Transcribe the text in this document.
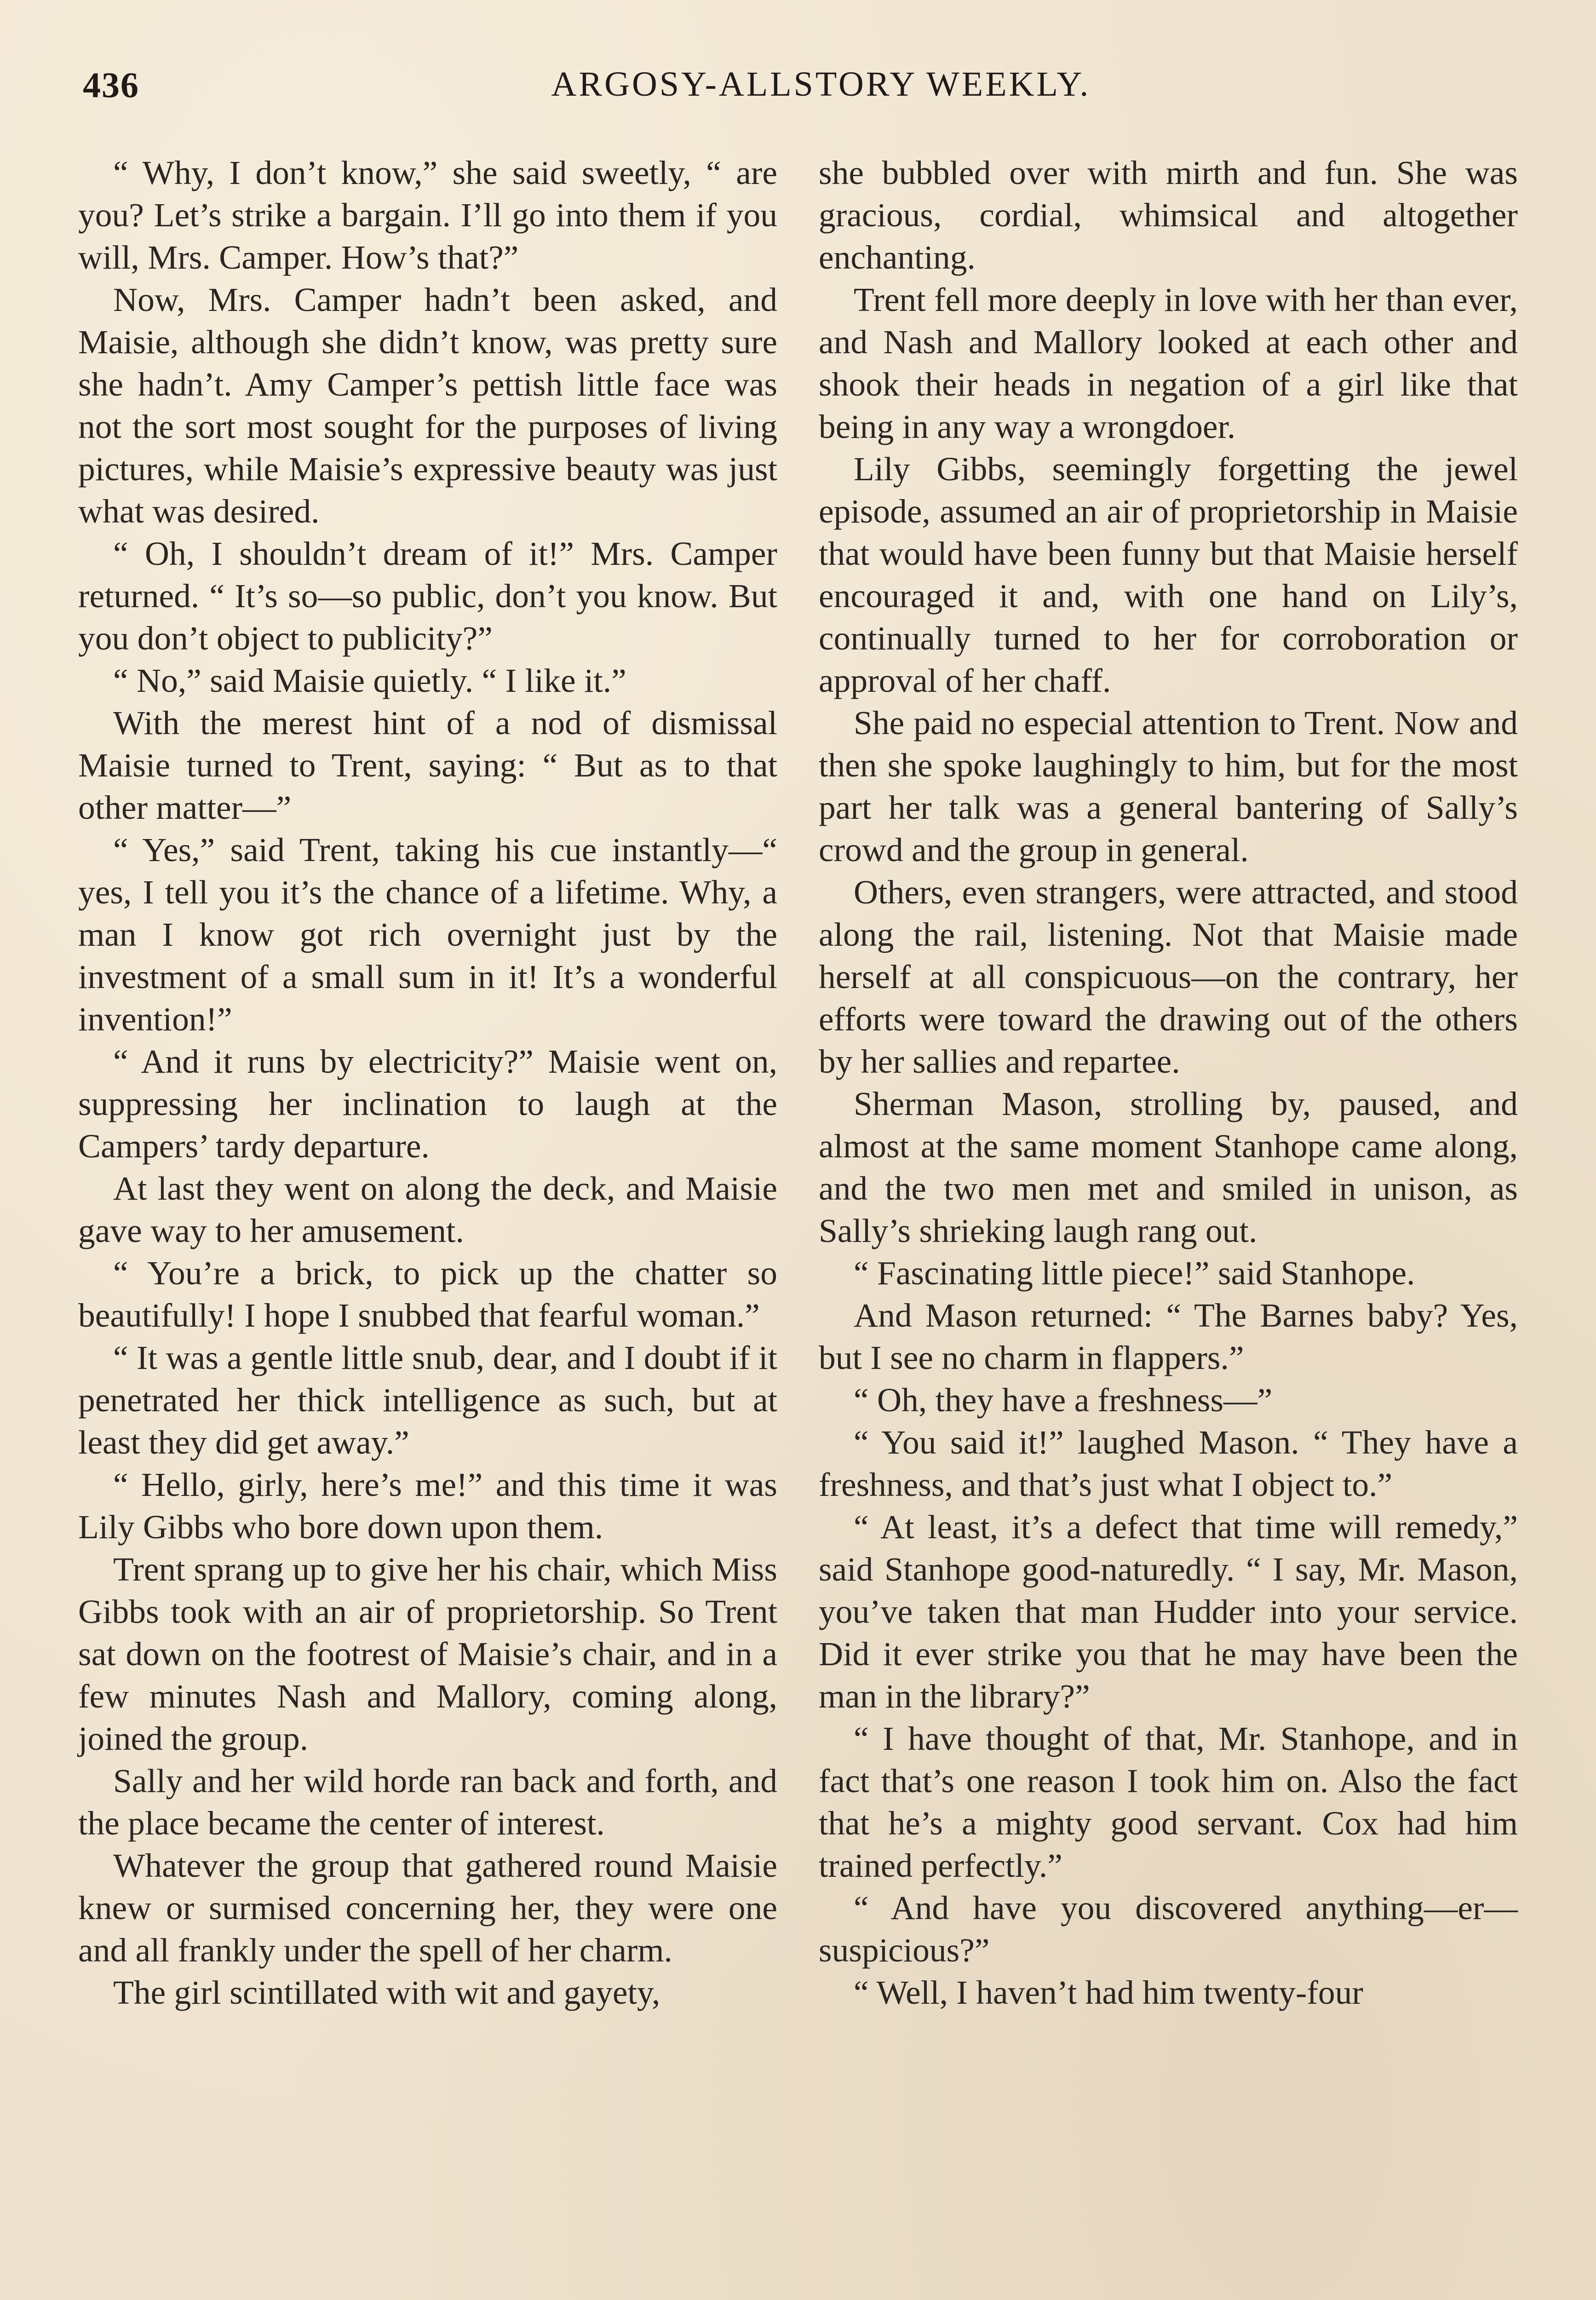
436	ARGOSY-ALLSTORY WEEKLY.

“ Why, I don’t know,” she said sweetly, “ are you? Let’s strike a bargain. I’ll go into them if you will, Mrs. Camper. How’s that?”

Now, Mrs. Camper hadn’t been asked, and Maisie, although she didn’t know, was pretty sure she hadn’t. Amy Camper’s pettish little face was not the sort most sought for the purposes of living pictures, while Maisie’s expressive beauty was just what was desired.

“ Oh, I shouldn’t dream of it!” Mrs. Camper returned. “ It’s so—so public, don’t you know. But you don’t object to publicity?”

“ No,” said Maisie quietly. “ I like it.”

With the merest hint of a nod of dismissal Maisie turned to Trent, saying: “ But as to that other matter—”

“ Yes,” said Trent, taking his cue instantly—“ yes, I tell you it’s the chance of a lifetime. Why, a man I know got rich overnight just by the investment of a small sum in it! It’s a wonderful invention!”

“ And it runs by electricity?” Maisie went on, suppressing her inclination to laugh at the Campers’ tardy departure.

At last they went on along the deck, and Maisie gave way to her amusement.

“ You’re a brick, to pick up the chatter so beautifully! I hope I snubbed that fearful woman.”

“ It was a gentle little snub, dear, and I doubt if it penetrated her thick intelligence as such, but at least they did get away.”

“ Hello, girly, here’s me!” and this time it was Lily Gibbs who bore down upon them.

Trent sprang up to give her his chair, which Miss Gibbs took with an air of proprietorship. So Trent sat down on the footrest of Maisie’s chair, and in a few minutes Nash and Mallory, coming along, joined the group.

Sally and her wild horde ran back and forth, and the place became the center of interest.

Whatever the group that gathered round Maisie knew or surmised concerning her, they were one and all frankly under the spell of her charm.

The girl scintillated with wit and gayety,

she bubbled over with mirth and fun. She was gracious, cordial, whimsical and altogether enchanting.

Trent fell more deeply in love with her than ever, and Nash and Mallory looked at each other and shook their heads in negation of a girl like that being in any way a wrongdoer.

Lily Gibbs, seemingly forgetting the jewel episode, assumed an air of proprietorship in Maisie that would have been funny but that Maisie herself encouraged it and, with one hand on Lily’s, continually turned to her for corroboration or approval of her chaff.

She paid no especial attention to Trent. Now and then she spoke laughingly to him, but for the most part her talk was a general bantering of Sally’s crowd and the group in general.

Others, even strangers, were attracted, and stood along the rail, listening. Not that Maisie made herself at all conspicuous—on the contrary, her efforts were toward the drawing out of the others by her sallies and repartee.

Sherman Mason, strolling by, paused, and almost at the same moment Stanhope came along, and the two men met and smiled in unison, as Sally’s shrieking laugh rang out.

“ Fascinating little piece!” said Stanhope.

And Mason returned: “ The Barnes baby? Yes, but I see no charm in flappers.”

“ Oh, they have a freshness—”

“ You said it!” laughed Mason. “ They have a freshness, and that’s just what I object to.”

“ At least, it’s a defect that time will remedy,” said Stanhope good-naturedly. “ I say, Mr. Mason, you’ve taken that man Hudder into your service. Did it ever strike you that he may have been the man in the library?”

“ I have thought of that, Mr. Stanhope, and in fact that’s one reason I took him on. Also the fact that he’s a mighty good servant. Cox had him trained perfectly.”

“ And have you discovered anything—er—suspicious?”

“ Well, I haven’t had him twenty-four
